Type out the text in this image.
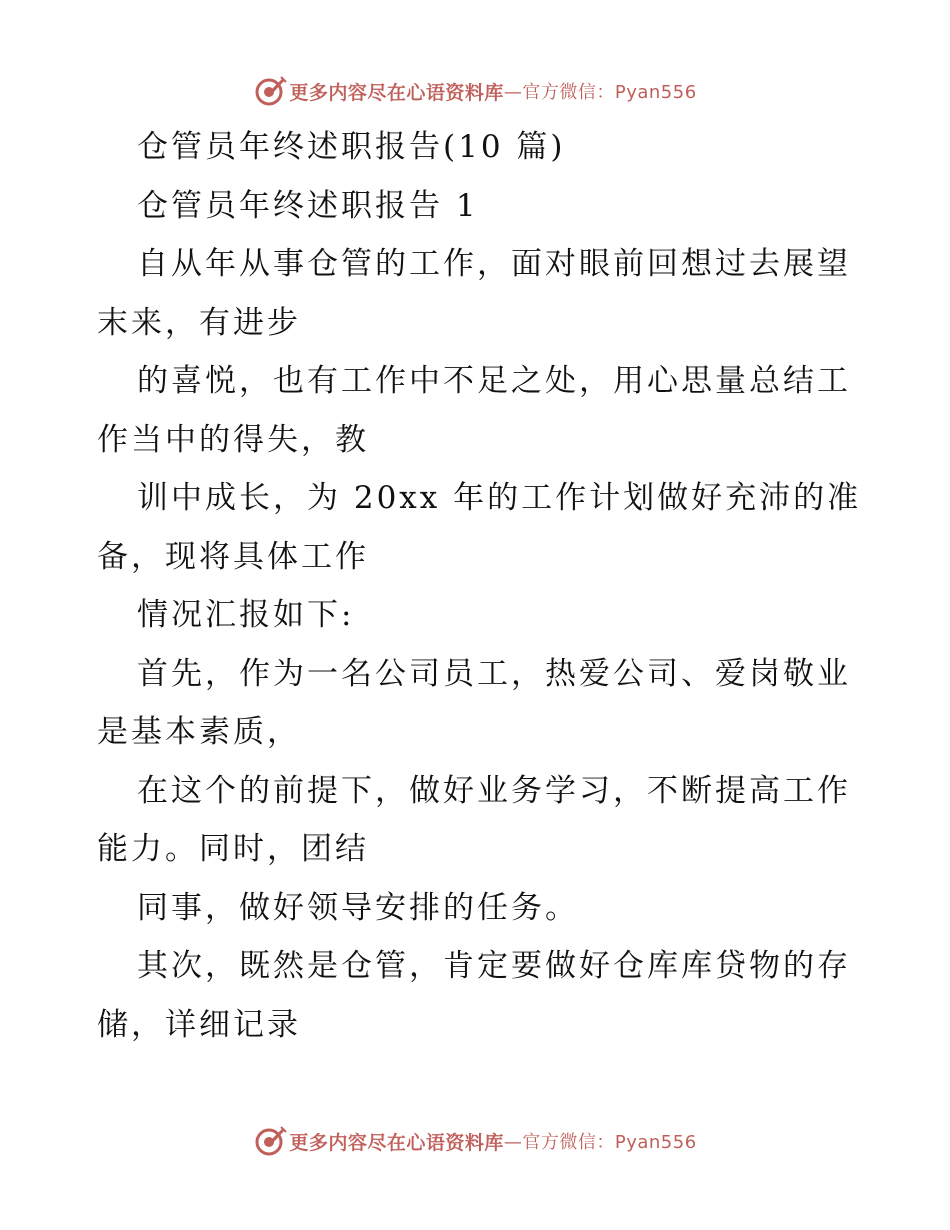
更多内容尽在心语资料库 —官方微信：Pyan556
仓管员年终述职报告(10 篇)
仓管员年终述职报告 1
自从年从事仓管的工作，面对眼前回想过去展望
末来，有进步
的喜悦，也有工作中不足之处，用心思量总结工
作当中的得失，教
训中成长，为 20xx 年的工作计划做好充沛的准
备，现将具体工作
情况汇报如下:
首先，作为一名公司员工，热爱公司、爱岗敬业
是基本素质，
在这个的前提下，做好业务学习，不断提高工作
能力。同时，团结
同事，做好领导安排的任务。
其次，既然是仓管，肯定要做好仓库库贷物的存
储，详细记录
更多内容尽在心语资料库 —官方微信：Pyan556
